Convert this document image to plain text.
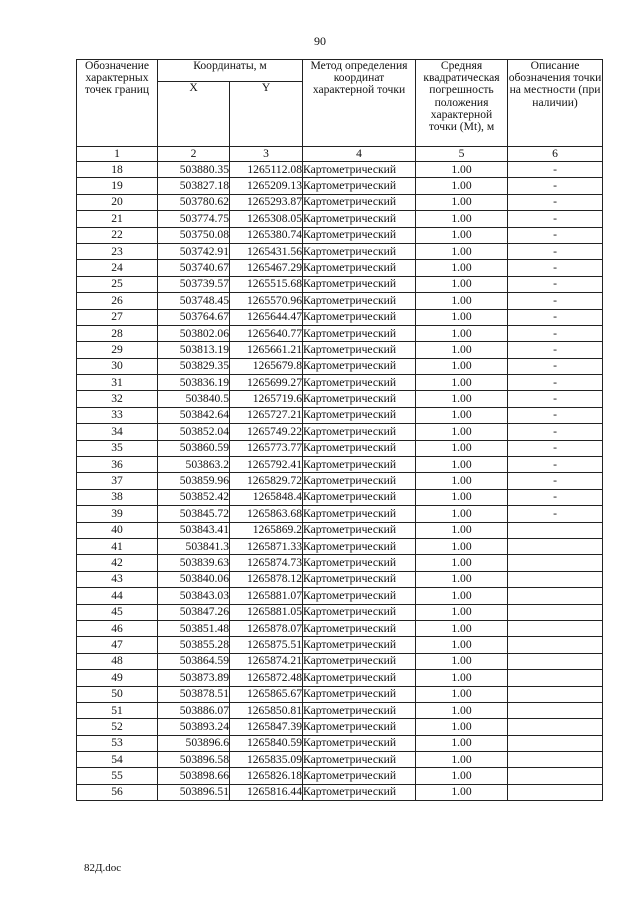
90
Обозначение характерных точек границ	Координаты, м		Метод определения координат характерной точки	Средняя квадратическая погрешность положения характерной точки (Mt), м	Описание обозначения точки на местности (при наличии)
	X	Y			
1	2	3	4	5	6
18	503880.35	1265112.08	Картометрический	1.00	-
19	503827.18	1265209.13	Картометрический	1.00	-
20	503780.62	1265293.87	Картометрический	1.00	-
21	503774.75	1265308.05	Картометрический	1.00	-
22	503750.08	1265380.74	Картометрический	1.00	-
23	503742.91	1265431.56	Картометрический	1.00	-
24	503740.67	1265467.29	Картометрический	1.00	-
25	503739.57	1265515.68	Картометрический	1.00	-
26	503748.45	1265570.96	Картометрический	1.00	-
27	503764.67	1265644.47	Картометрический	1.00	-
28	503802.06	1265640.77	Картометрический	1.00	-
29	503813.19	1265661.21	Картометрический	1.00	-
30	503829.35	1265679.8	Картометрический	1.00	-
31	503836.19	1265699.27	Картометрический	1.00	-
32	503840.5	1265719.6	Картометрический	1.00	-
33	503842.64	1265727.21	Картометрический	1.00	-
34	503852.04	1265749.22	Картометрический	1.00	-
35	503860.59	1265773.77	Картометрический	1.00	-
36	503863.2	1265792.41	Картометрический	1.00	-
37	503859.96	1265829.72	Картометрический	1.00	-
38	503852.42	1265848.4	Картометрический	1.00	-
39	503845.72	1265863.68	Картометрический	1.00	-
40	503843.41	1265869.2	Картометрический	1.00	
41	503841.3	1265871.33	Картометрический	1.00	
42	503839.63	1265874.73	Картометрический	1.00	
43	503840.06	1265878.12	Картометрический	1.00	
44	503843.03	1265881.07	Картометрический	1.00	
45	503847.26	1265881.05	Картометрический	1.00	
46	503851.48	1265878.07	Картометрический	1.00	
47	503855.28	1265875.51	Картометрический	1.00	
48	503864.59	1265874.21	Картометрический	1.00	
49	503873.89	1265872.48	Картометрический	1.00	
50	503878.51	1265865.67	Картометрический	1.00	
51	503886.07	1265850.81	Картометрический	1.00	
52	503893.24	1265847.39	Картометрический	1.00	
53	503896.6	1265840.59	Картометрический	1.00	
54	503896.58	1265835.09	Картометрический	1.00	
55	503898.66	1265826.18	Картометрический	1.00	
56	503896.51	1265816.44	Картометрический	1.00	
82Д.doc
